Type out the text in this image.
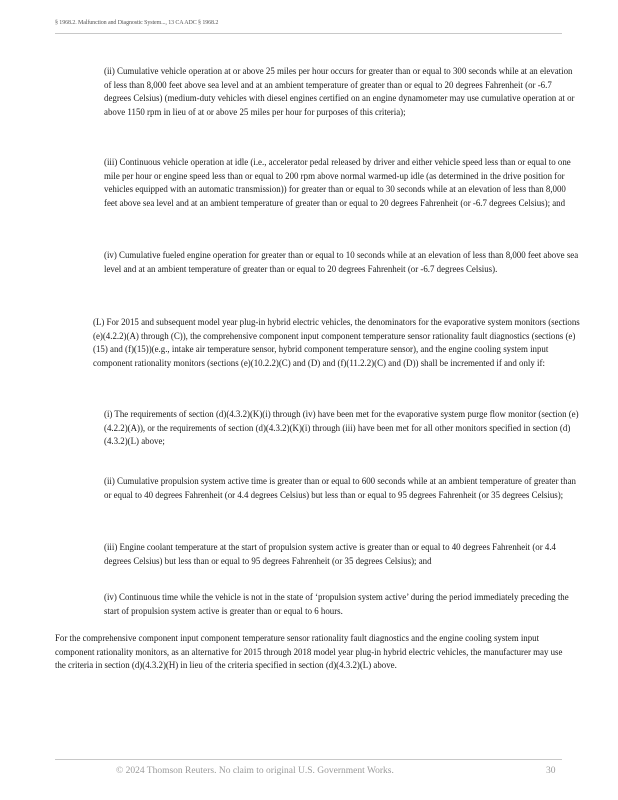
§ 1968.2. Malfunction and Diagnostic System..., 13 CA ADC § 1968.2

(ii) Cumulative vehicle operation at or above 25 miles per hour occurs for greater than or equal to 300 seconds while at an elevation of less than 8,000 feet above sea level and at an ambient temperature of greater than or equal to 20 degrees Fahrenheit (or -6.7 degrees Celsius) (medium-duty vehicles with diesel engines certified on an engine dynamometer may use cumulative operation at or above 1150 rpm in lieu of at or above 25 miles per hour for purposes of this criteria);

(iii) Continuous vehicle operation at idle (i.e., accelerator pedal released by driver and either vehicle speed less than or equal to one mile per hour or engine speed less than or equal to 200 rpm above normal warmed-up idle (as determined in the drive position for vehicles equipped with an automatic transmission)) for greater than or equal to 30 seconds while at an elevation of less than 8,000 feet above sea level and at an ambient temperature of greater than or equal to 20 degrees Fahrenheit (or -6.7 degrees Celsius); and

(iv) Cumulative fueled engine operation for greater than or equal to 10 seconds while at an elevation of less than 8,000 feet above sea level and at an ambient temperature of greater than or equal to 20 degrees Fahrenheit (or -6.7 degrees Celsius).

(L) For 2015 and subsequent model year plug-in hybrid electric vehicles, the denominators for the evaporative system monitors (sections (e)(4.2.2)(A) through (C)), the comprehensive component input component temperature sensor rationality fault diagnostics (sections (e)(15) and (f)(15))(e.g., intake air temperature sensor, hybrid component temperature sensor), and the engine cooling system input component rationality monitors (sections (e)(10.2.2)(C) and (D) and (f)(11.2.2)(C) and (D)) shall be incremented if and only if:

(i) The requirements of section (d)(4.3.2)(K)(i) through (iv) have been met for the evaporative system purge flow monitor (section (e)(4.2.2)(A)), or the requirements of section (d)(4.3.2)(K)(i) through (iii) have been met for all other monitors specified in section (d)(4.3.2)(L) above;

(ii) Cumulative propulsion system active time is greater than or equal to 600 seconds while at an ambient temperature of greater than or equal to 40 degrees Fahrenheit (or 4.4 degrees Celsius) but less than or equal to 95 degrees Fahrenheit (or 35 degrees Celsius);

(iii) Engine coolant temperature at the start of propulsion system active is greater than or equal to 40 degrees Fahrenheit (or 4.4 degrees Celsius) but less than or equal to 95 degrees Fahrenheit (or 35 degrees Celsius); and

(iv) Continuous time while the vehicle is not in the state of ‘propulsion system active’ during the period immediately preceding the start of propulsion system active is greater than or equal to 6 hours.

For the comprehensive component input component temperature sensor rationality fault diagnostics and the engine cooling system input component rationality monitors, as an alternative for 2015 through 2018 model year plug-in hybrid electric vehicles, the manufacturer may use the criteria in section (d)(4.3.2)(H) in lieu of the criteria specified in section (d)(4.3.2)(L) above.

© 2024 Thomson Reuters. No claim to original U.S. Government Works.	30
